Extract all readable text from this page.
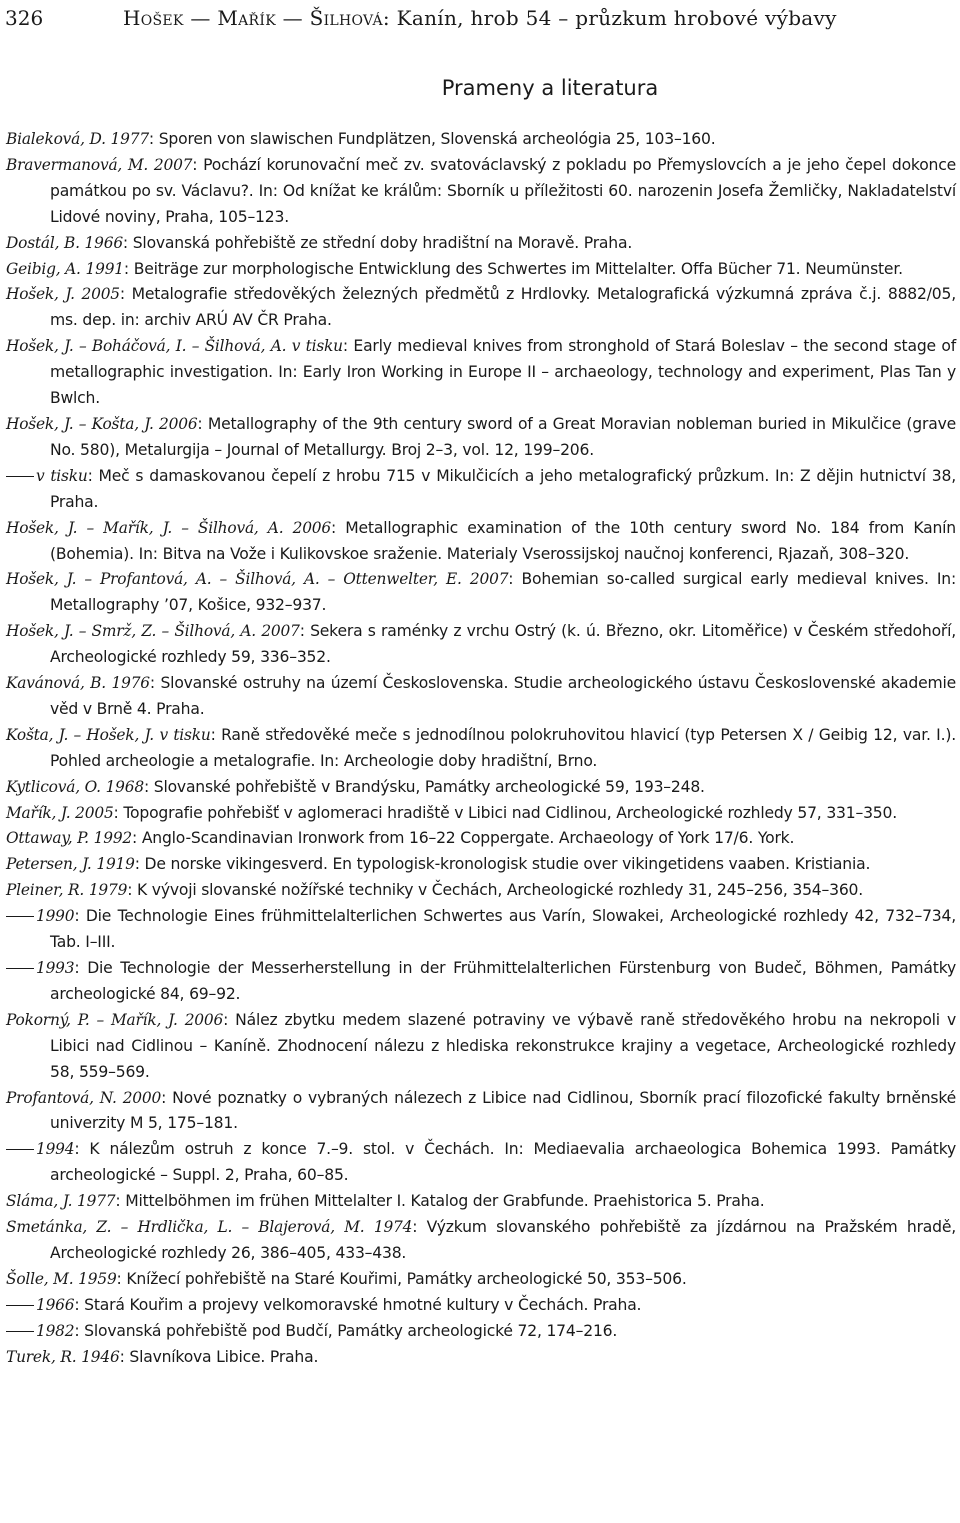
326	Hošek — Mařík — Šilhová: Kanín, hrob 54 – průzkum hrobové výbavy
Prameny a literatura

Bialeková, D. 1977: Sporen von slawischen Fundplätzen, Slovenská archeológia 25, 103–160.

Bravermanová, M. 2007: Pochází korunovační meč zv. svatováclavský z pokladu po Přemyslovcích a je jeho čepel dokonce památkou po sv. Václavu?. In: Od knížat ke králům: Sborník u příležitosti 60. narozenin Josefa Žemličky, Nakladatelství Lidové noviny, Praha, 105–123.

Dostál, B. 1966: Slovanská pohřebiště ze střední doby hradištní na Moravě. Praha.

Geibig, A. 1991: Beiträge zur morphologische Entwicklung des Schwertes im Mittelalter. Offa Bücher 71. Neumünster.

Hošek, J. 2005: Metalografie středověkých železných předmětů z Hrdlovky. Metalografická výzkumná zpráva č.j. 8882/05, ms. dep. in: archiv ARÚ AV ČR Praha.

Hošek, J. – Boháčová, I. – Šilhová, A. v tisku: Early medieval knives from stronghold of Stará Boleslav – the second stage of metallographic investigation. In: Early Iron Working in Europe II – archaeology, technology and experiment, Plas Tan y Bwlch.

Hošek, J. – Košta, J. 2006: Metallography of the 9th century sword of a Great Moravian nobleman buried in Mikulčice (grave No. 580), Metalurgija – Journal of Metallurgy. Broj 2–3, vol. 12, 199–206.

v tisku: Meč s damaskovanou čepelí z hrobu 715 v Mikulčicích a jeho metalografický průzkum. In: Z dějin hutnictví 38, Praha.

Hošek, J. – Mařík, J. – Šilhová, A. 2006: Metallographic examination of the 10th century sword No. 184 from Kanín (Bohemia). In: Bitva na Vože i Kulikovskoe sraženie. Materialy Vserossijskoj naučnoj konferenci, Rjazaň, 308–320.

Hošek, J. – Profantová, A. – Šilhová, A. – Ottenwelter, E. 2007: Bohemian so-called surgical early medieval knives. In: Metallography ’07, Košice, 932–937.

Hošek, J. – Smrž, Z. – Šilhová, A. 2007: Sekera s raménky z vrchu Ostrý (k. ú. Březno, okr. Litoměřice) v Českém středohoří, Archeologické rozhledy 59, 336–352.

Kavánová, B. 1976: Slovanské ostruhy na území Československa. Studie archeologického ústavu Československé akademie věd v Brně 4. Praha.

Košta, J. – Hošek, J. v tisku: Raně středověké meče s jednodílnou polokruhovitou hlavicí (typ Petersen X / Geibig 12, var. I.). Pohled archeologie a metalografie. In: Archeologie doby hradištní, Brno.

Kytlicová, O. 1968: Slovanské pohřebiště v Brandýsku, Památky archeologické 59, 193–248.

Mařík, J. 2005: Topografie pohřebišť v aglomeraci hradiště v Libici nad Cidlinou, Archeologické rozhledy 57, 331–350.

Ottaway, P. 1992: Anglo-Scandinavian Ironwork from 16–22 Coppergate. Archaeology of York 17/6. York.

Petersen, J. 1919: De norske vikingesverd. En typologisk-kronologisk studie over vikingetidens vaaben. Kristiania.

Pleiner, R. 1979: K vývoji slovanské nožířské techniky v Čechách, Archeologické rozhledy 31, 245–256, 354–360.

1990: Die Technologie Eines frühmittelalterlichen Schwertes aus Varín, Slowakei, Archeologické rozhledy 42, 732–734, Tab. I–III.

1993: Die Technologie der Messerherstellung in der Frühmittelalterlichen Fürstenburg von Budeč, Böhmen, Památky archeologické 84, 69–92.

Pokorný, P. – Mařík, J. 2006: Nález zbytku medem slazené potraviny ve výbavě raně středověkého hrobu na nekropoli v Libici nad Cidlinou – Kaníně. Zhodnocení nálezu z hlediska rekonstrukce krajiny a vegetace, Archeologické rozhledy 58, 559–569.

Profantová, N. 2000: Nové poznatky o vybraných nálezech z Libice nad Cidlinou, Sborník prací filozofické fakulty brněnské univerzity M 5, 175–181.

1994: K nálezům ostruh z konce 7.–9. stol. v Čechách. In: Mediaevalia archaeologica Bohemica 1993. Památky archeologické – Suppl. 2, Praha, 60–85.

Sláma, J. 1977: Mittelböhmen im frühen Mittelalter I. Katalog der Grabfunde. Praehistorica 5. Praha.

Smetánka, Z. – Hrdlička, L. – Blajerová, M. 1974: Výzkum slovanského pohřebiště za jízdárnou na Pražském hradě, Archeologické rozhledy 26, 386–405, 433–438.

Šolle, M. 1959: Knížecí pohřebiště na Staré Kouřimi, Památky archeologické 50, 353–506.

1966: Stará Kouřim a projevy velkomoravské hmotné kultury v Čechách. Praha.

1982: Slovanská pohřebiště pod Budčí, Památky archeologické 72, 174–216.

Turek, R. 1946: Slavníkova Libice. Praha.
